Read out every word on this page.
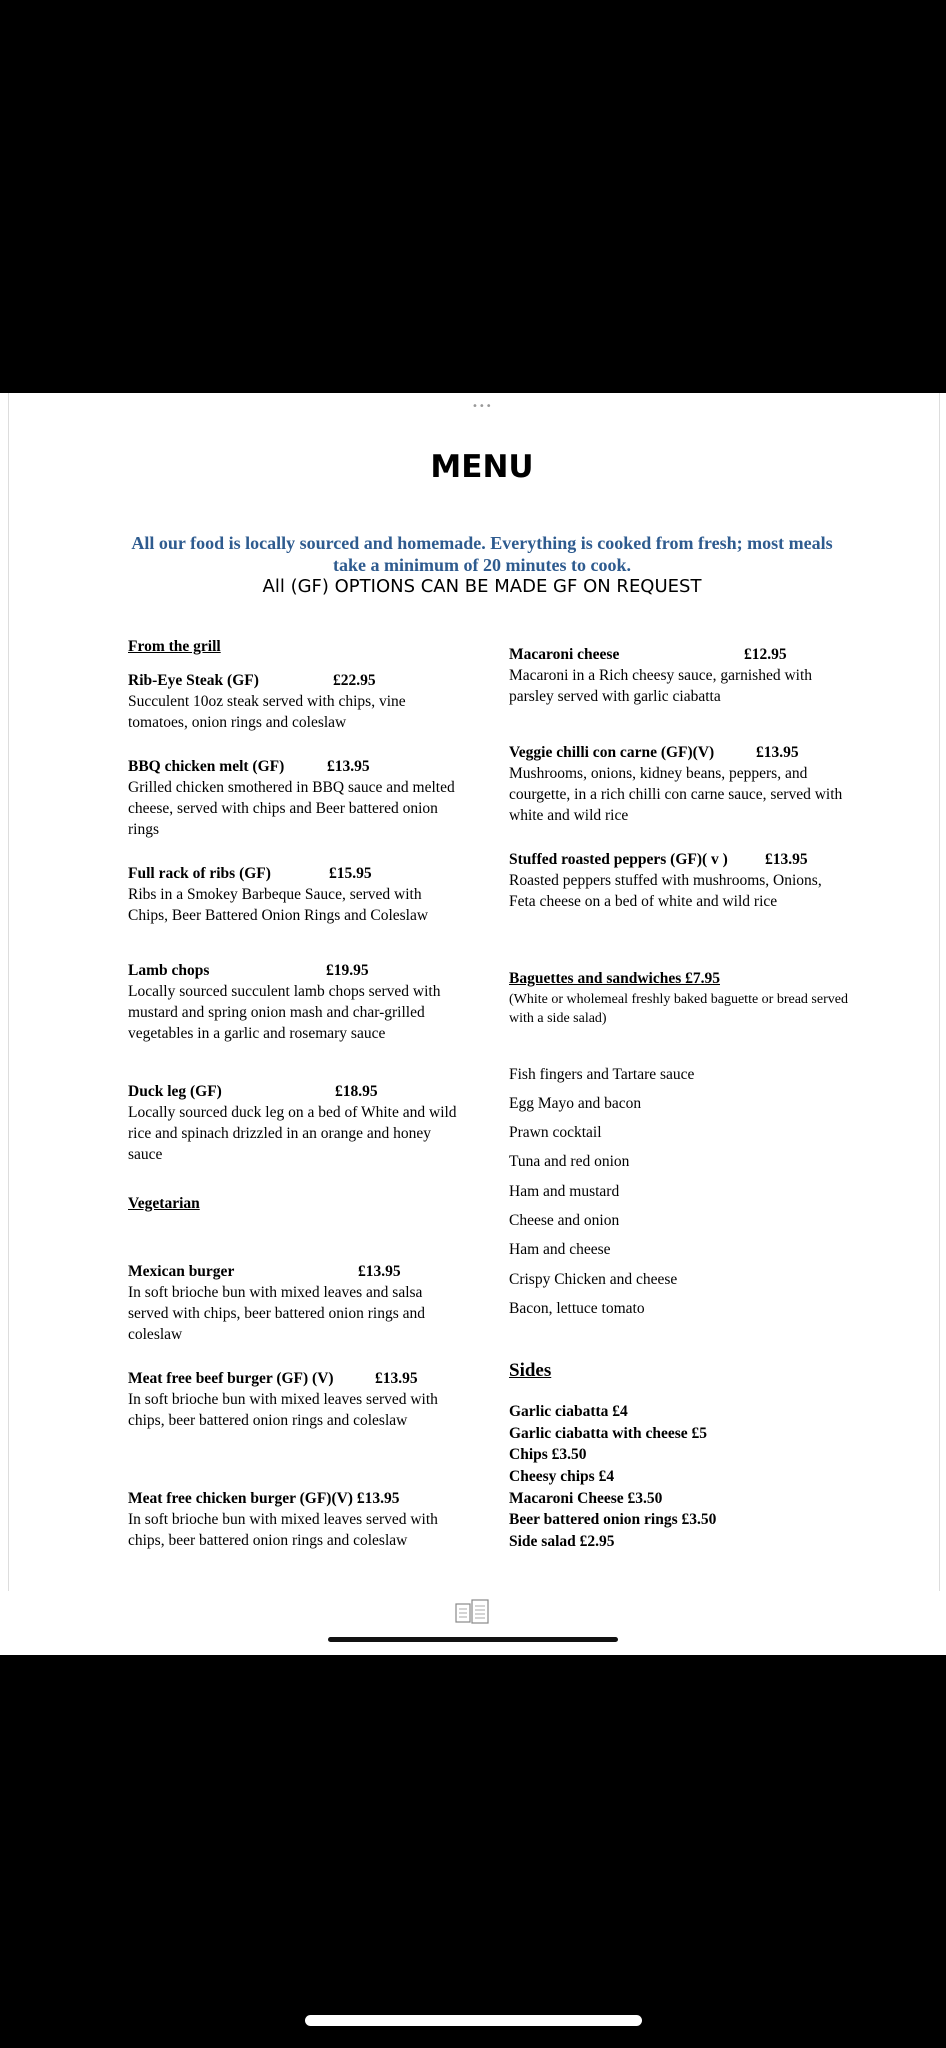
•••
MENU
All our food is locally sourced and homemade. Everything is cooked from fresh; most meals take a minimum of 20 minutes to cook.
All (GF) OPTIONS CAN BE MADE GF ON REQUEST
From the grill
Rib-Eye Steak (GF)	£22.95

Succulent 10oz steak served with chips, vine tomatoes, onion rings and coleslaw

BBQ chicken melt (GF)	£13.95

Grilled chicken smothered in BBQ sauce and melted cheese, served with chips and Beer battered onion rings

Full rack of ribs (GF)	£15.95

Ribs in a Smokey Barbeque Sauce, served with Chips, Beer Battered Onion Rings and Coleslaw

Lamb chops	£19.95

Locally sourced succulent lamb chops served with mustard and spring onion mash and char-grilled vegetables in a garlic and rosemary sauce

Duck leg (GF)	£18.95

Locally sourced duck leg on a bed of White and wild rice and spinach drizzled in an orange and honey sauce

Vegetarian
Mexican burger	£13.95

In soft brioche bun with mixed leaves and salsa served with chips, beer battered onion rings and coleslaw

Meat free beef burger (GF) (V)	£13.95

In soft brioche bun with mixed leaves served with chips, beer battered onion rings and coleslaw

Meat free chicken burger (GF)(V) £13.95

In soft brioche bun with mixed leaves served with chips, beer battered onion rings and coleslaw

Macaroni cheese	£12.95

Macaroni in a Rich cheesy sauce, garnished with parsley served with garlic ciabatta

Veggie chilli con carne (GF)(V)	£13.95

Mushrooms, onions, kidney beans, peppers, and courgette, in a rich chilli con carne sauce, served with white and wild rice

Stuffed roasted peppers (GF)( v )	£13.95

Roasted peppers stuffed with mushrooms, Onions, Feta cheese on a bed of white and wild rice

Baguettes and sandwiches £7.95
(White or wholemeal freshly baked baguette or bread served with a side salad)
Fish fingers and Tartare sauce
Egg Mayo and bacon
Prawn cocktail
Tuna and red onion
Ham and mustard
Cheese and onion
Ham and cheese
Crispy Chicken and cheese
Bacon, lettuce tomato
Sides
Garlic ciabatta £4
Garlic ciabatta with cheese £5
Chips £3.50
Cheesy chips £4
Macaroni Cheese £3.50
Beer battered onion rings £3.50
Side salad £2.95
